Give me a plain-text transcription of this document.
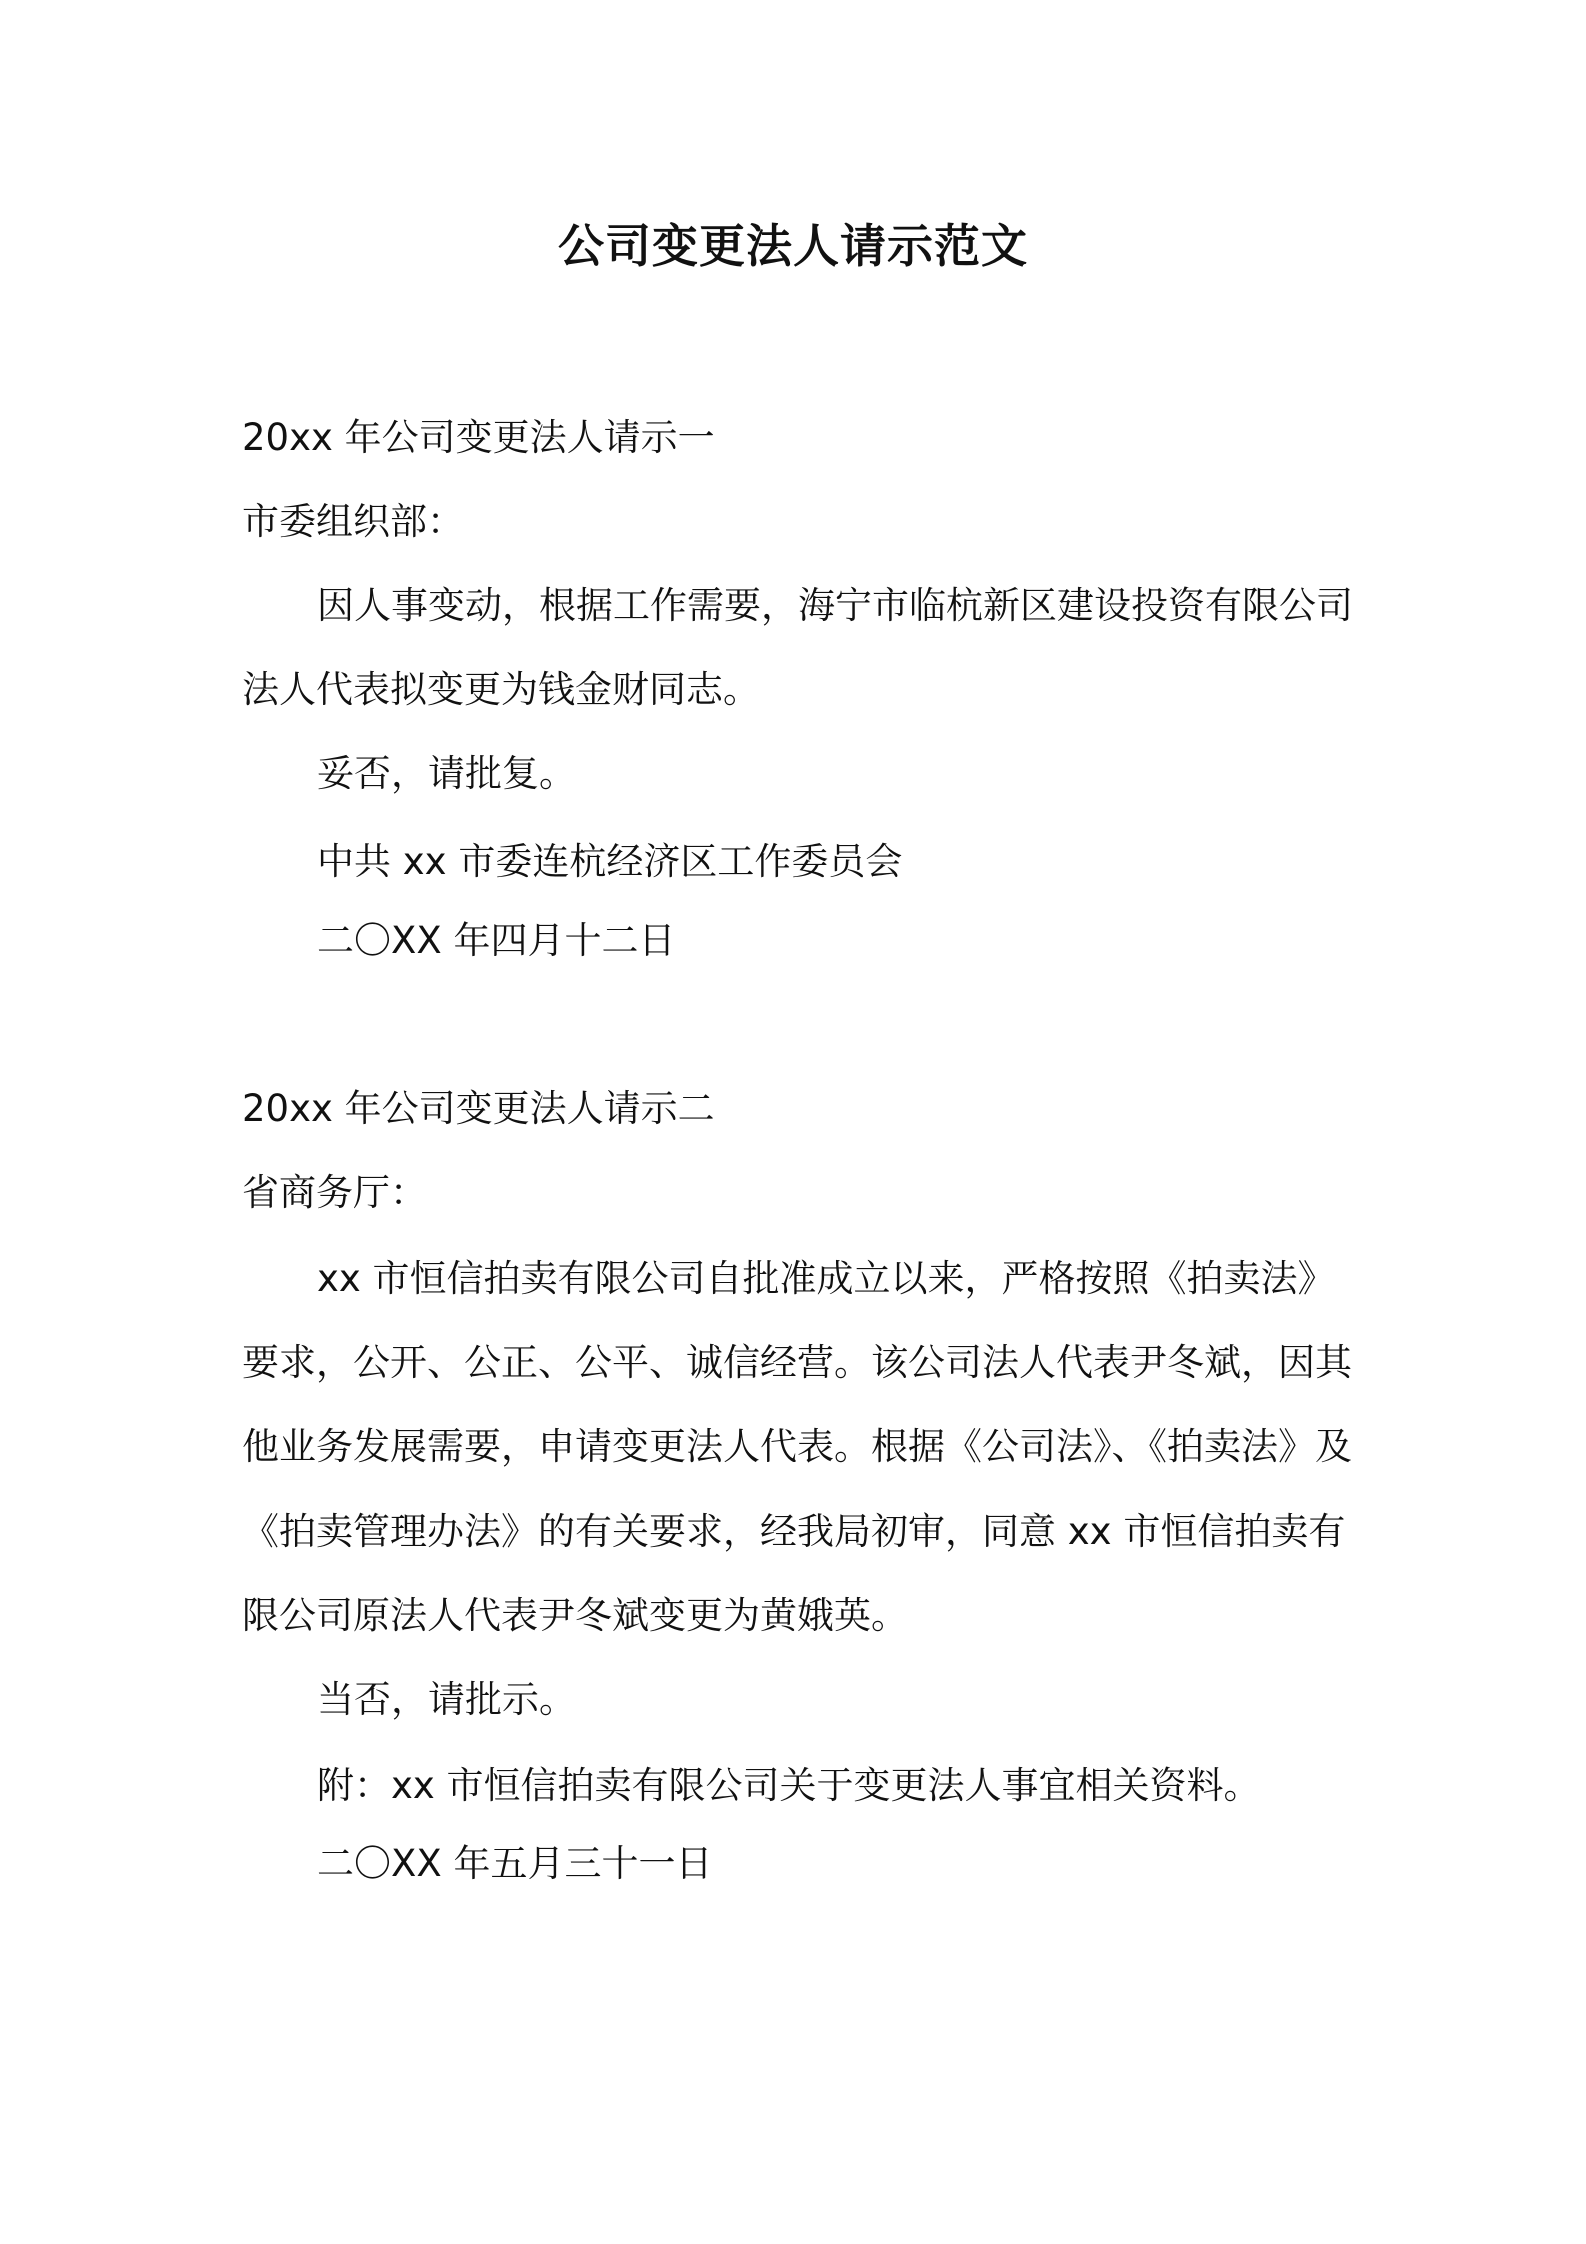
公司变更法人请示范文
20xx 年公司变更法人请示一
市委组织部：
因人事变动，根据工作需要，海宁市临杭新区建设投资有限公司
法人代表拟变更为钱金财同志。
妥否，请批复。
中共 xx 市委连杭经济区工作委员会
二〇XX 年四月十二日
20xx 年公司变更法人请示二
省商务厅：
xx 市恒信拍卖有限公司自批准成立以来，严格按照《拍卖法》
要求，公开、公正、公平、诚信经营。该公司法人代表尹冬斌，因其
他业务发展需要，申请变更法人代表。根据《公司法》、《拍卖法》及
《拍卖管理办法》的有关要求，经我局初审，同意 xx 市恒信拍卖有
限公司原法人代表尹冬斌变更为黄娥英。
当否，请批示。
附：xx 市恒信拍卖有限公司关于变更法人事宜相关资料。
二〇XX 年五月三十一日
